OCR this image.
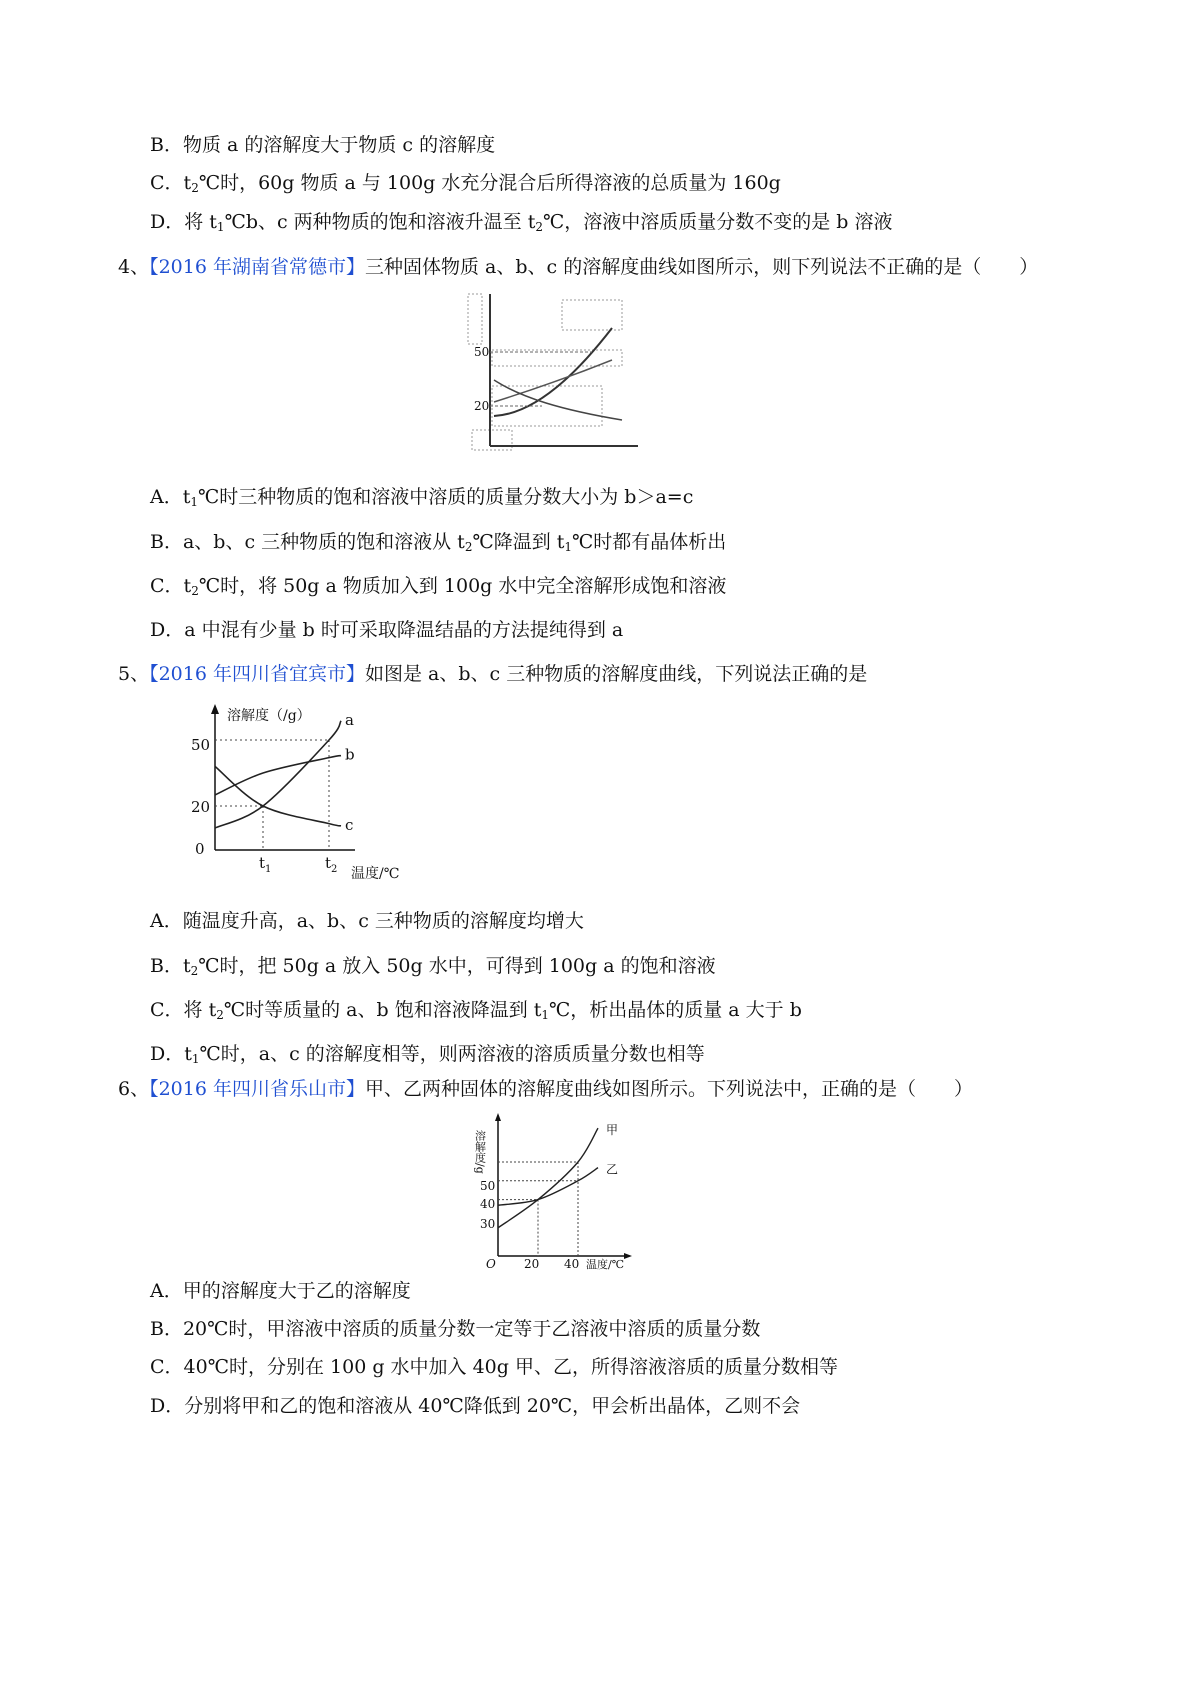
B．物质 a 的溶解度大于物质 c 的溶解度
C．$t_2℃$时，60g 物质 a 与 100g 水充分混合后所得溶液的总质量为 160g
D．将 $t_1℃b$、c 两种物质的饱和溶液升温至 $t_2℃$，溶液中溶质质量分数不变的是 b 溶液
4、【2016 年湖南省常德市】三种固体物质 a、b、c 的溶解度曲线如图所示，则下列说法不正确的是（　　）
50
20
A．$t_1℃$时三种物质的饱和溶液中溶质的质量分数大小为 b＞a=c
B．a、b、c 三种物质的饱和溶液从 $t_2℃$降温到 $t_1℃$时都有晶体析出
C．$t_2℃$时，将 50g a 物质加入到 100g 水中完全溶解形成饱和溶液
D．a 中混有少量 b 时可采取降温结晶的方法提纯得到 a
5、【2016 年四川省宜宾市】如图是 a、b、c 三种物质的溶解度曲线，下列说法正确的是
溶解度（/g）
温度/℃
0
20
50
$t_1$	$t_2$
a
b
c
A．随温度升高，a、b、c 三种物质的溶解度均增大
B．$t_2℃$时，把 50g a 放入 50g 水中，可得到 100g a 的饱和溶液
C．将 $t_2℃$时等质量的 a、b 饱和溶液降温到 $t_1℃$，析出晶体的质量 a 大于 b
D．$t_1℃$时，a、c 的溶解度相等，则两溶液的溶质质量分数也相等
6、【2016 年四川省乐山市】甲、乙两种固体的溶解度曲线如图所示。下列说法中，正确的是（　　）
溶解度/g
温度/℃
O
30
40
50
20 40
甲
乙
A．甲的溶解度大于乙的溶解度
B．20℃时，甲溶液中溶质的质量分数一定等于乙溶液中溶质的质量分数
C．40℃时，分别在 100 g 水中加入 40g 甲、乙，所得溶液溶质的质量分数相等
D．分别将甲和乙的饱和溶液从 40℃降低到 20℃，甲会析出晶体，乙则不会
